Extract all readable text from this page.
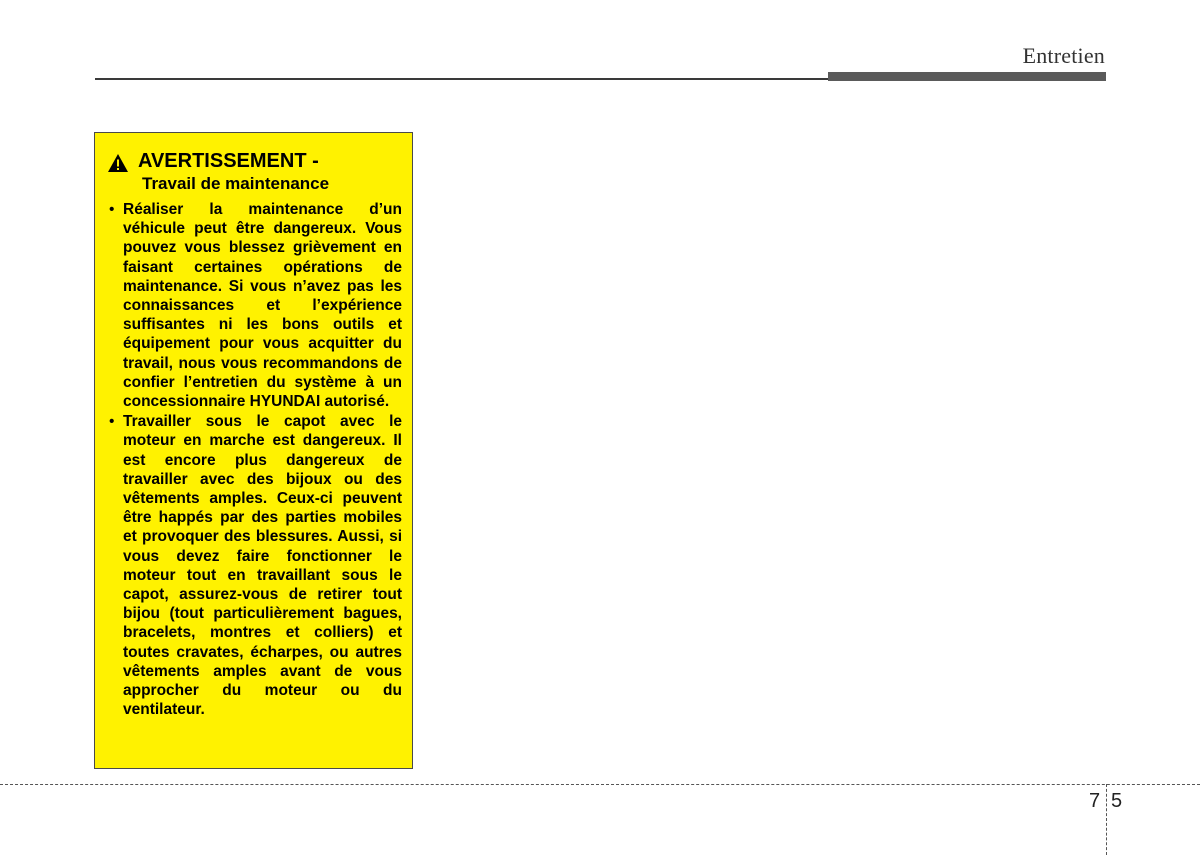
Entretien
AVERTISSEMENT -
Travail de maintenance
• Réaliser la maintenance d’un véhicule peut être dangereux. Vous pouvez vous blessez grièvement en faisant certaines opérations de maintenance. Si vous n’avez pas les connaissances et l’expérience suffisantes ni les bons outils et équipement pour vous acquitter du travail, nous vous recommandons de confier l’entretien du système à un concessionnaire HYUNDAI autorisé.
• Travailler sous le capot avec le moteur en marche est dangereux. Il est encore plus dangereux de travailler avec des bijoux ou des vêtements amples. Ceux-ci peuvent être happés par des parties mobiles et provoquer des blessures. Aussi, si vous devez faire fonctionner le moteur tout en travaillant sous le capot, assurez-vous de retirer tout bijou (tout particulièrement bagues, bracelets, montres et colliers) et toutes cravates, écharpes, ou autres vêtements amples avant de vous approcher du moteur ou du ventilateur.
7 5
